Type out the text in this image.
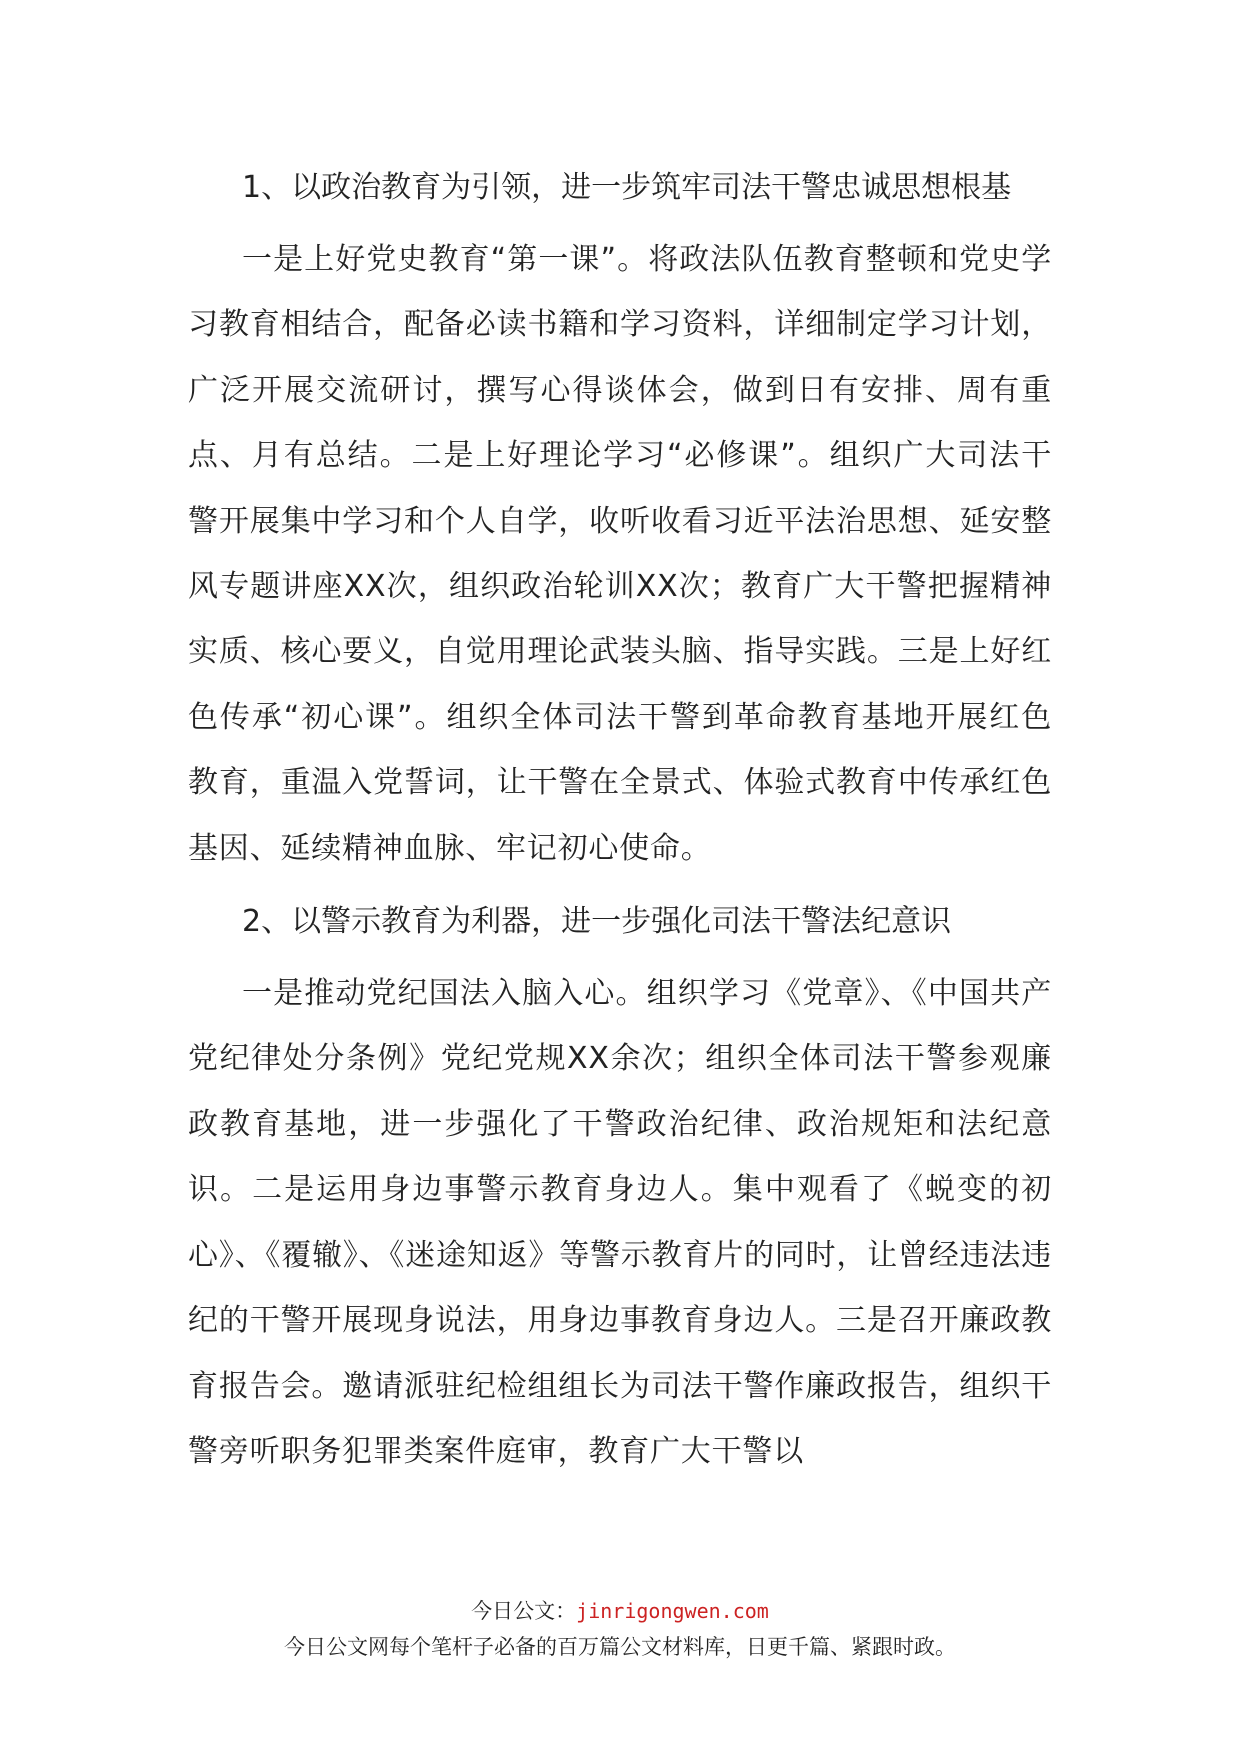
1、以政治教育为引领，进一步筑牢司法干警忠诚思想根基

一是上好党史教育“第一课”。将政法队伍教育整顿和党史学习教育相结合，配备必读书籍和学习资料，详细制定学习计划，广泛开展交流研讨，撰写心得谈体会，做到日有安排、周有重点、月有总结。二是上好理论学习“必修课”。组织广大司法干警开展集中学习和个人自学，收听收看习近平法治思想、延安整风专题讲座XX次，组织政治轮训XX次；教育广大干警把握精神实质、核心要义，自觉用理论武装头脑、指导实践。三是上好红色传承“初心课”。组织全体司法干警到革命教育基地开展红色教育，重温入党誓词，让干警在全景式、体验式教育中传承红色基因、延续精神血脉、牢记初心使命。

2、以警示教育为利器，进一步强化司法干警法纪意识

一是推动党纪国法入脑入心。组织学习《党章》、《中国共产党纪律处分条例》党纪党规XX余次；组织全体司法干警参观廉政教育基地，进一步强化了干警政治纪律、政治规矩和法纪意识。二是运用身边事警示教育身边人。集中观看了《蜕变的初心》、《覆辙》、《迷途知返》等警示教育片的同时，让曾经违法违纪的干警开展现身说法，用身边事教育身边人。三是召开廉政教育报告会。邀请派驻纪检组组长为司法干警作廉政报告，组织干警旁听职务犯罪类案件庭审，教育广大干警以

今日公文：jinrigongwen.com
今日公文网每个笔杆子必备的百万篇公文材料库，日更千篇、紧跟时政。
